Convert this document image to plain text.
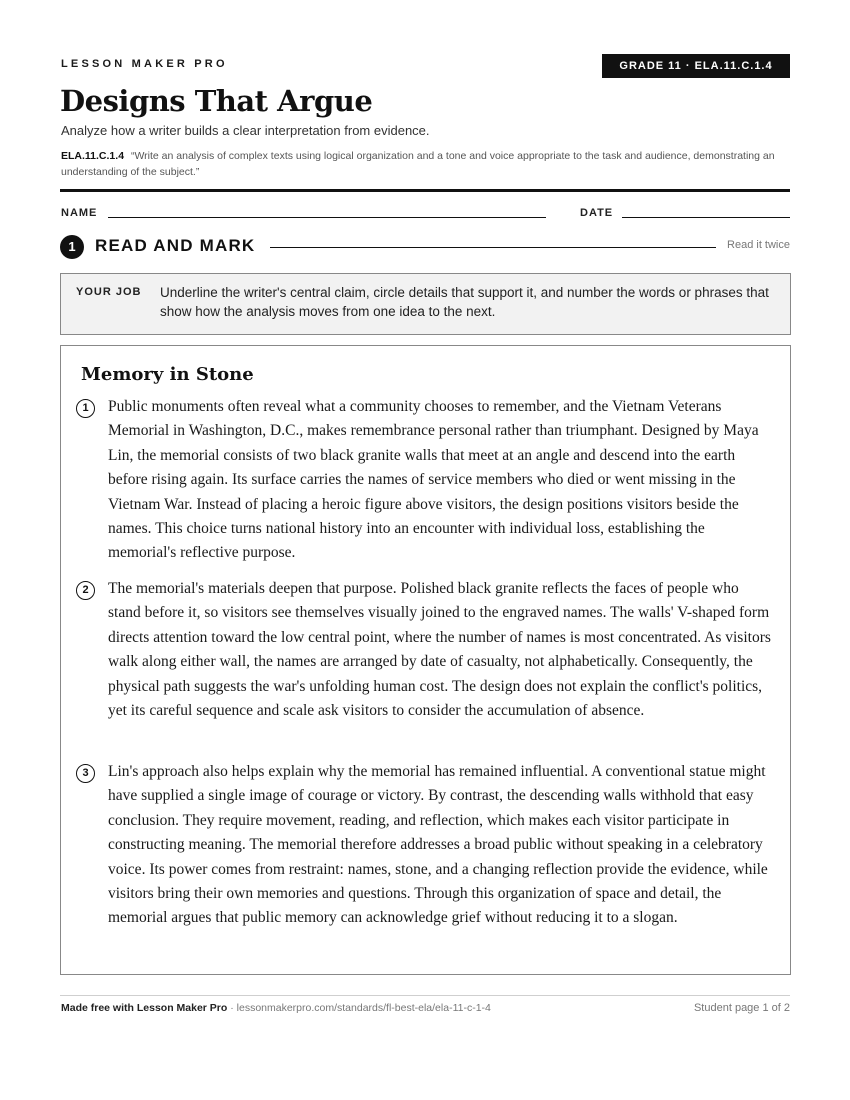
LESSON MAKER PRO	GRADE 11 · ELA.11.C.1.4
Designs That Argue
Analyze how a writer builds a clear interpretation from evidence.
ELA.11.C.1.4 “Write an analysis of complex texts using logical organization and a tone and voice appropriate to the task and audience, demonstrating an understanding of the subject.”
NAME	DATE
1	READ AND MARK	Read it twice
YOUR JOB Underline the writer's central claim, circle details that support it, and number the words or phrases that show how the analysis moves from one idea to the next.
Memory in Stone
1	Public monuments often reveal what a community chooses to remember, and the Vietnam Veterans Memorial in Washington, D.C., makes remembrance personal rather than triumphant. Designed by Maya Lin, the memorial consists of two black granite walls that meet at an angle and descend into the earth before rising again. Its surface carries the names of service members who died or went missing in the Vietnam War. Instead of placing a heroic figure above visitors, the design positions visitors beside the names. This choice turns national history into an encounter with individual loss, establishing the memorial's reflective purpose.

2	The memorial's materials deepen that purpose. Polished black granite reflects the faces of people who stand before it, so visitors see themselves visually joined to the engraved names. The walls' V-shaped form directs attention toward the low central point, where the number of names is most concentrated. As visitors walk along either wall, the names are arranged by date of casualty, not alphabetically. Consequently, the physical path suggests the war's unfolding human cost. The design does not explain the conflict's politics, yet its careful sequence and scale ask visitors to consider the accumulation of absence.

3	Lin's approach also helps explain why the memorial has remained influential. A conventional statue might have supplied a single image of courage or victory. By contrast, the descending walls withhold that easy conclusion. They require movement, reading, and reflection, which makes each visitor participate in constructing meaning. The memorial therefore addresses a broad public without speaking in a celebratory voice. Its power comes from restraint: names, stone, and a changing reflection provide the evidence, while visitors bring their own memories and questions. Through this organization of space and detail, the memorial argues that public memory can acknowledge grief without reducing it to a slogan.

Made free with Lesson Maker Pro · lessonmakerpro.com/standards/fl-best-ela/ela-11-c-1-4	Student page 1 of 2
